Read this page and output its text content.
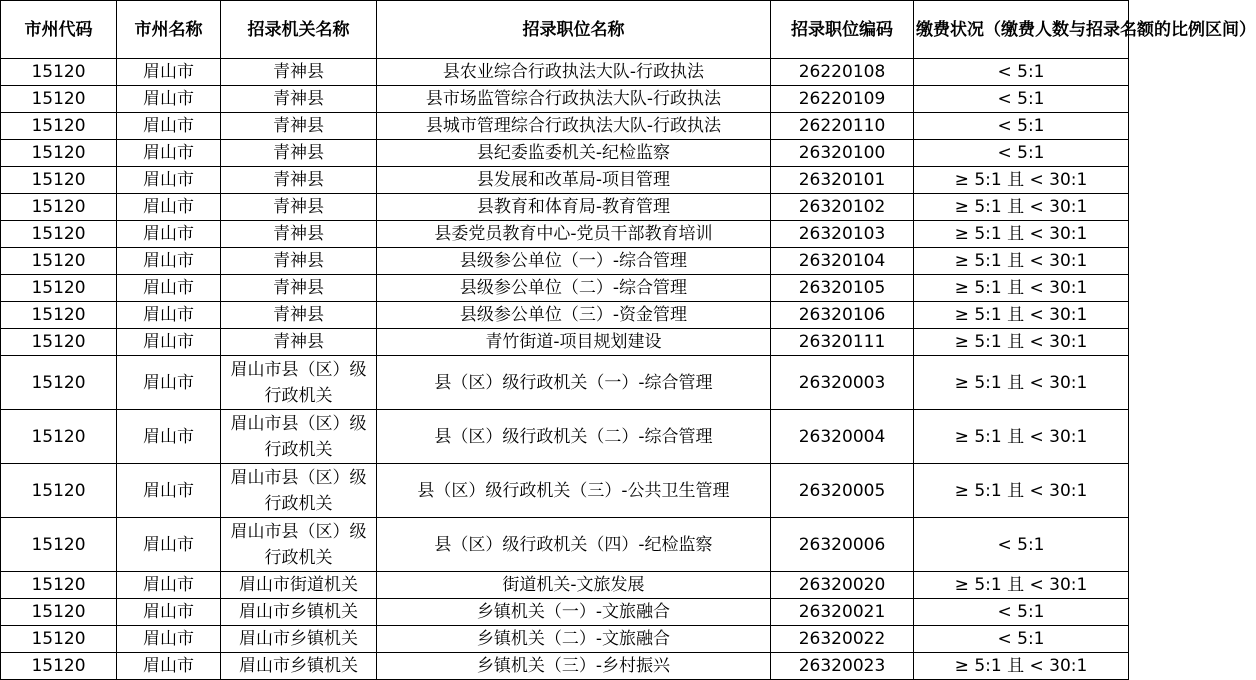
市州代码	市州名称	招录机关名称	招录职位名称	招录职位编码	缴费状况（缴费人数与招录名额的比例区间）
15120	眉山市	青神县	县农业综合行政执法大队-行政执法	26220108	< 5:1
15120	眉山市	青神县	县市场监管综合行政执法大队-行政执法	26220109	< 5:1
15120	眉山市	青神县	县城市管理综合行政执法大队-行政执法	26220110	< 5:1
15120	眉山市	青神县	县纪委监委机关-纪检监察	26320100	< 5:1
15120	眉山市	青神县	县发展和改革局-项目管理	26320101	≥ 5:1 且 < 30:1
15120	眉山市	青神县	县教育和体育局-教育管理	26320102	≥ 5:1 且 < 30:1
15120	眉山市	青神县	县委党员教育中心-党员干部教育培训	26320103	≥ 5:1 且 < 30:1
15120	眉山市	青神县	县级参公单位（一）-综合管理	26320104	≥ 5:1 且 < 30:1
15120	眉山市	青神县	县级参公单位（二）-综合管理	26320105	≥ 5:1 且 < 30:1
15120	眉山市	青神县	县级参公单位（三）-资金管理	26320106	≥ 5:1 且 < 30:1
15120	眉山市	青神县	青竹街道-项目规划建设	26320111	≥ 5:1 且 < 30:1
15120	眉山市	眉山市县（区）级行政机关	县（区）级行政机关（一）-综合管理	26320003	≥ 5:1 且 < 30:1
15120	眉山市	眉山市县（区）级行政机关	县（区）级行政机关（二）-综合管理	26320004	≥ 5:1 且 < 30:1
15120	眉山市	眉山市县（区）级行政机关	县（区）级行政机关（三）-公共卫生管理	26320005	≥ 5:1 且 < 30:1
15120	眉山市	眉山市县（区）级行政机关	县（区）级行政机关（四）-纪检监察	26320006	< 5:1
15120	眉山市	眉山市街道机关	街道机关-文旅发展	26320020	≥ 5:1 且 < 30:1
15120	眉山市	眉山市乡镇机关	乡镇机关（一）-文旅融合	26320021	< 5:1
15120	眉山市	眉山市乡镇机关	乡镇机关（二）-文旅融合	26320022	< 5:1
15120	眉山市	眉山市乡镇机关	乡镇机关（三）-乡村振兴	26320023	≥ 5:1 且 < 30:1
